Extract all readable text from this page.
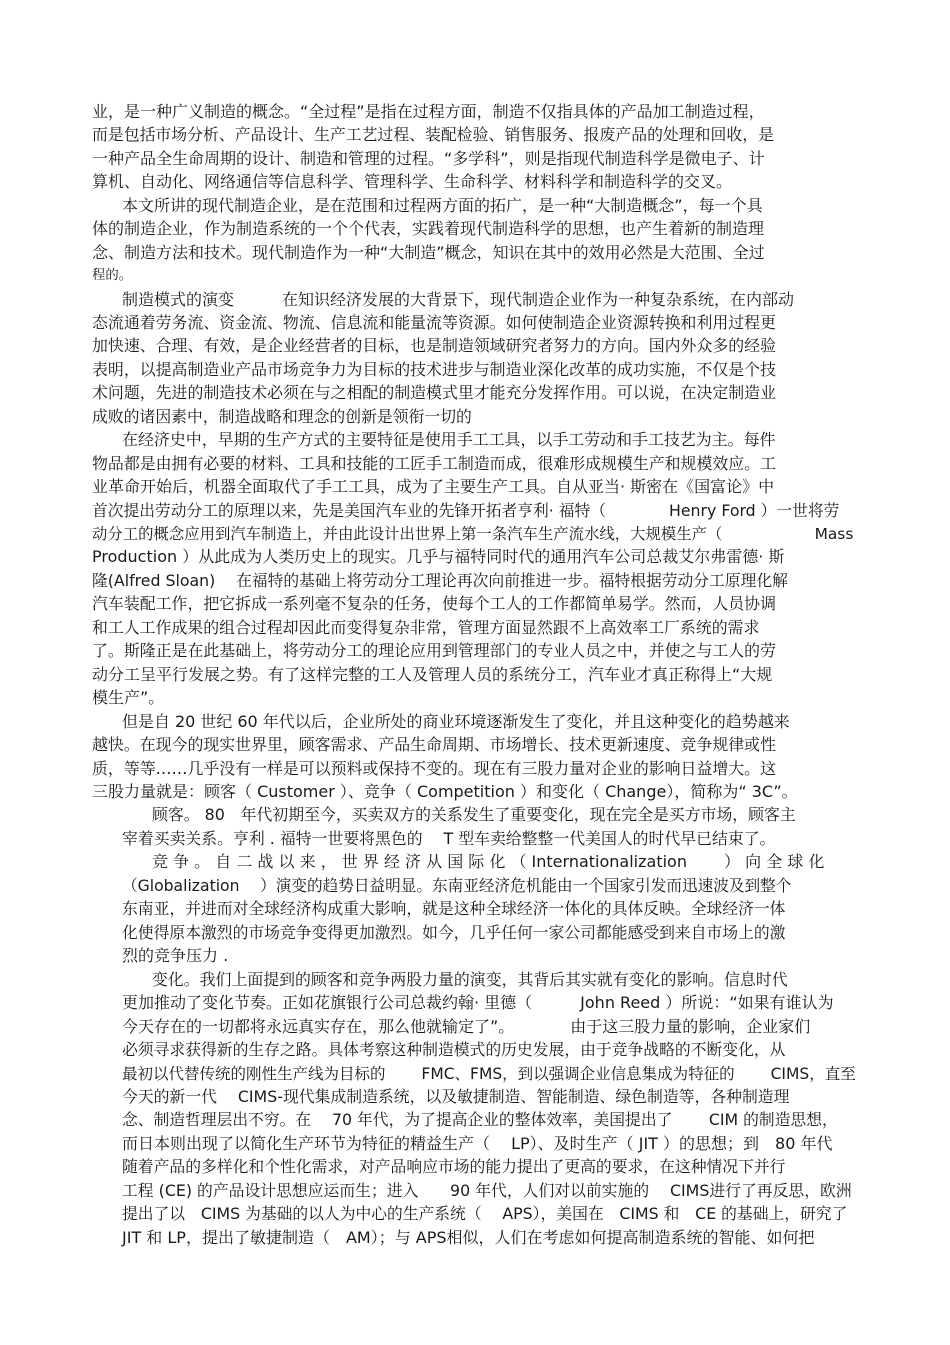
业，是一种广义制造的概念。“全过程”是指在过程方面，制造不仅指具体的产品加工制造过程，
而是包括市场分析、产品设计、生产工艺过程、装配检验、销售服务、报废产品的处理和回收，是
一种产品全生命周期的设计、制造和管理的过程。“多学科”，则是指现代制造科学是微电子、计
算机、自动化、网络通信等信息科学、管理科学、生命科学、材料科学和制造科学的交叉。
本文所讲的现代制造企业，是在范围和过程两方面的拓广，是一种“大制造概念”，每一个具
体的制造企业，作为制造系统的一个个代表，实践着现代制造科学的思想，也产生着新的制造理
念、制造方法和技术。现代制造作为一种“大制造”概念，知识在其中的效用必然是大范围、全过
程的。
制造模式的演变　　　在知识经济发展的大背景下，现代制造企业作为一种复杂系统，在内部动
态流通着劳务流、资金流、物流、信息流和能量流等资源。如何使制造企业资源转换和利用过程更
加快速、合理、有效，是企业经营者的目标，也是制造领域研究者努力的方向。国内外众多的经验
表明，以提高制造业产品市场竞争力为目标的技术进步与制造业深化改革的成功实施，不仅是个技
术问题，先进的制造技术必须在与之相配的制造模式里才能充分发挥作用。可以说，在决定制造业
成败的诸因素中，制造战略和理念的创新是领衔一切的
在经济史中，早期的生产方式的主要特征是使用手工工具，以手工劳动和手工技艺为主。每件
物品都是由拥有必要的材料、工具和技能的工匠手工制造而成，很难形成规模生产和规模效应。工
业革命开始后，机器全面取代了手工工具，成为了主要生产工具。自从亚当· 斯密在《国富论》中
首次提出劳动分工的原理以来，先是美国汽车业的先锋开拓者亨利· 福特（　　　　Henry Ford ）一世将劳
动分工的概念应用到汽车制造上，并由此设计出世界上第一条汽车生产流水线，大规模生产（　　　　　　Mass
Production ）从此成为人类历史上的现实。几乎与福特同时代的通用汽车公司总裁艾尔弗雷德· 斯
隆(Alfred Sloan)　 在福特的基础上将劳动分工理论再次向前推进一步。福特根据劳动分工原理化解
汽车装配工作，把它拆成一系列毫不复杂的任务，使每个工人的工作都简单易学。然而，人员协调
和工人工作成果的组合过程却因此而变得复杂非常，管理方面显然跟不上高效率工厂系统的需求
了。斯隆正是在此基础上，将劳动分工的理论应用到管理部门的专业人员之中，并使之与工人的劳
动分工呈平行发展之势。有了这样完整的工人及管理人员的系统分工，汽车业才真正称得上“大规
模生产”。
但是自 20 世纪 60 年代以后，企业所处的商业环境逐渐发生了变化，并且这种变化的趋势越来
越快。在现今的现实世界里，顾客需求、产品生命周期、市场增长、技术更新速度、竞争规律或性
质，等等……几乎没有一样是可以预料或保持不变的。现在有三股力量对企业的影响日益增大。这
三股力量就是：顾客（ Customer ）、竞争（ Competition ）和变化（ Change），简称为“ 3C”。
顾客。 80　年代初期至今，买卖双方的关系发生了重要变化，现在完全是买方市场，顾客主
宰着买卖关系。亨利 . 福特一世要将黑色的　 T 型车卖给整整一代美国人的时代早已结束了。
竞 争 。 自 二 战 以 来 ， 世 界 经 济 从 国 际 化 （ Internationalization　　 ） 向 全 球 化
（Globalization　 ）演变的趋势日益明显。东南亚经济危机能由一个国家引发而迅速波及到整个
东南亚，并进而对全球经济构成重大影响，就是这种全球经济一体化的具体反映。全球经济一体
化使得原本激烈的市场竞争变得更加激烈。如今，几乎任何一家公司都能感受到来自市场上的激
烈的竞争压力 .
变化。我们上面提到的顾客和竞争两股力量的演变，其背后其实就有变化的影响。信息时代
更加推动了变化节奏。正如花旗银行公司总裁约翰· 里德（　　　John Reed ）所说：“如果有谁认为
今天存在的一切都将永远真实存在，那么他就输定了”。　　　　由于这三股力量的影响，企业家们
必须寻求获得新的生存之路。具体考察这种制造模式的历史发展，由于竞争战略的不断变化，从
最初以代替传统的刚性生产线为目标的　　 FMC、FMS，到以强调企业信息集成为特征的　　 CIMS，直至
今天的新一代　 CIMS-现代集成制造系统，以及敏捷制造、智能制造、绿色制造等，各种制造理
念、制造哲理层出不穷。在　 70 年代，为了提高企业的整体效率，美国提出了　　 CIM 的制造思想，
而日本则出现了以简化生产环节为特征的精益生产（　 LP）、及时生产（ JIT ）的思想；到　80 年代
随着产品的多样化和个性化需求，对产品响应市场的能力提出了更高的要求，在这种情况下并行
工程 (CE) 的产品设计思想应运而生；进入　　90 年代，人们对以前实施的　 CIMS进行了再反思，欧洲
提出了以　CIMS 为基础的以人为中心的生产系统（　 APS），美国在　CIMS 和　CE 的基础上，研究了
JIT 和 LP，提出了敏捷制造（　AM）；与 APS相似，人们在考虑如何提高制造系统的智能、如何把
